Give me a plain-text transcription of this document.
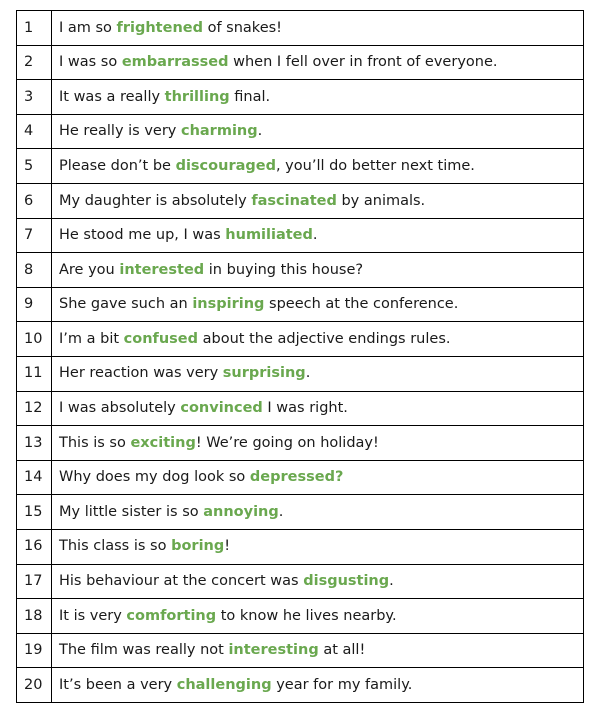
1	I am so frightened of snakes!
2	I was so embarrassed when I fell over in front of everyone.
3	It was a really thrilling final.
4	He really is very charming.
5	Please don’t be discouraged, you’ll do better next time.
6	My daughter is absolutely fascinated by animals.
7	He stood me up, I was humiliated.
8	Are you interested in buying this house?
9	She gave such an inspiring speech at the conference.
10	I’m a bit confused about the adjective endings rules.
11	Her reaction was very surprising.
12	I was absolutely convinced I was right.
13	This is so exciting! We’re going on holiday!
14	Why does my dog look so depressed?
15	My little sister is so annoying.
16	This class is so boring!
17	His behaviour at the concert was disgusting.
18	It is very comforting to know he lives nearby.
19	The film was really not interesting at all!
20	It’s been a very challenging year for my family.
